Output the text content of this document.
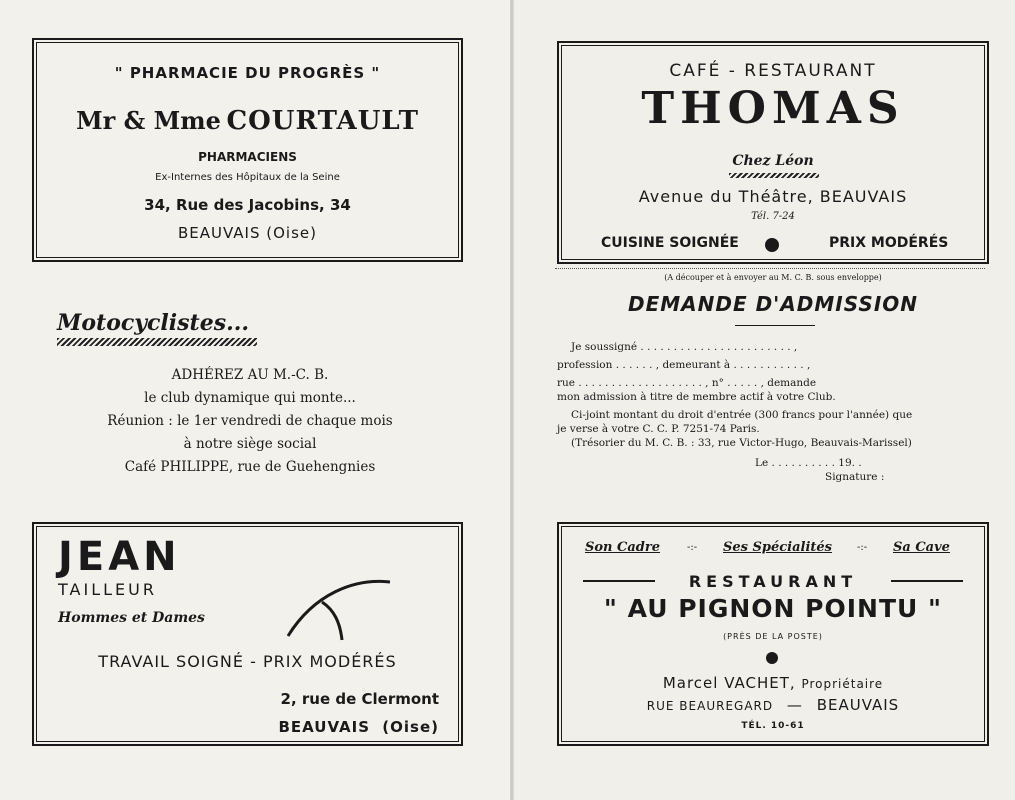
" PHARMACIE DU PROGRÈS "
Mr & Mme COURTAULT
PHARMACIENS
Ex-Internes des Hôpitaux de la Seine
34, Rue des Jacobins, 34
BEAUVAIS (Oise)
Motocyclistes...
ADHÉREZ AU M.-C. B.
le club dynamique qui monte...
Réunion : le 1er vendredi de chaque mois
à notre siège social
Café PHILIPPE, rue de Guehengnies
JEAN
TAILLEUR
Hommes et Dames
TRAVAIL SOIGNÉ - PRIX MODÉRÉS
2, rue de Clermont
BEAUVAIS (Oise)
CAFÉ - RESTAURANT
THOMAS
Chez Léon
Avenue du Théâtre, BEAUVAIS
Tél. 7-24
CUISINE SOIGNÉE	PRIX MODÉRÉS
(A découper et à envoyer au M. C. B. sous enveloppe)
DEMANDE D'ADMISSION
Je soussigné . . . . . . . . . . . . . . . . . . . . . . . ,
profession . . . . . . , demeurant à . . . . . . . . . . . ,
rue . . . . . . . . . . . . . . . . . . . , n° . . . . . , demande
mon admission à titre de membre actif à votre Club.
Ci-joint montant du droit d'entrée (300 francs pour l'année) que
je verse à votre C. C. P. 7251-74 Paris.
(Trésorier du M. C. B. : 33, rue Victor-Hugo, Beauvais-Marissel)
Le . . . . . . . . . . 19. .
Signature :
Son Cadre	-:- Ses Spécialités -:- Sa Cave
RESTAURANT
" AU PIGNON POINTU "
(PRÈS DE LA POSTE)
Marcel VACHET, Propriétaire
RUE BEAUREGARD — BEAUVAIS
TÉL. 10-61
